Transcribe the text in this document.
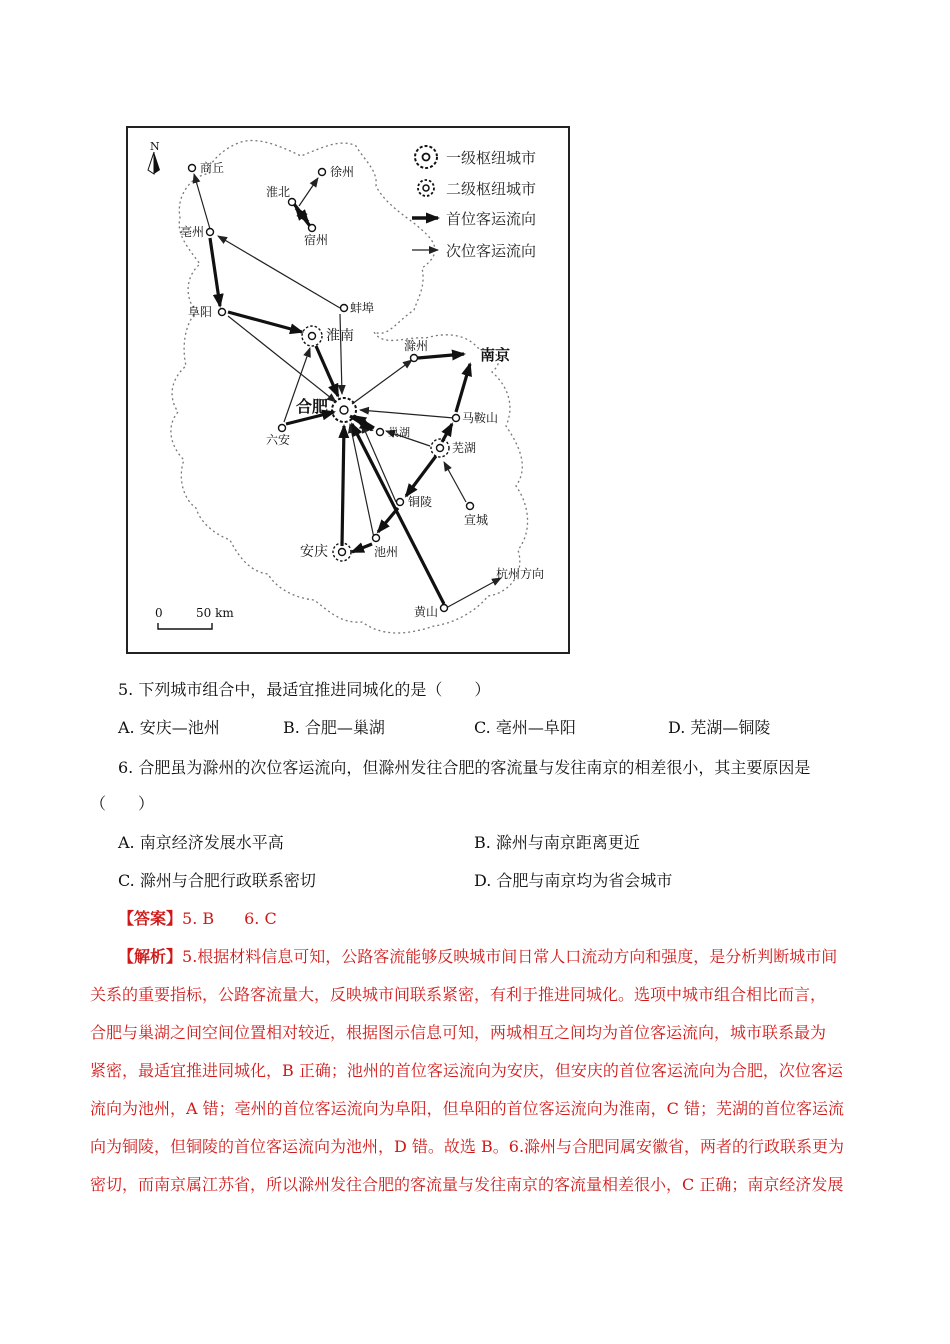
N
一级枢纽城市
二级枢纽城市
首位客运流向
次位客运流向
0	50 km
商丘	徐州
淮北
宿州
亳州
蚌埠
阜阳
淮南
滁州	南京
合肥
六安
巢湖
马鞍山
芜湖
铜陵
宣城
安庆	池州
黄山
杭州方向
5. 下列城市组合中，最适宜推进同城化的是（　　）
A. 安庆—池州	B. 合肥—巢湖	C. 亳州—阜阳	D. 芜湖—铜陵
6. 合肥虽为滁州的次位客运流向，但滁州发往合肥的客流量与发往南京的相差很小，其主要原因是
（　　）
A. 南京经济发展水平高	B. 滁州与南京距离更近
C. 滁州与合肥行政联系密切	D. 合肥与南京均为省会城市
【答案】5. B 6. C
【解析】5.根据材料信息可知，公路客流能够反映城市间日常人口流动方向和强度，是分析判断城市间
关系的重要指标，公路客流量大，反映城市间联系紧密，有利于推进同城化。选项中城市组合相比而言，
合肥与巢湖之间空间位置相对较近，根据图示信息可知，两城相互之间均为首位客运流向，城市联系最为
紧密，最适宜推进同城化，B 正确；池州的首位客运流向为安庆，但安庆的首位客运流向为合肥，次位客运
流向为池州，A 错；亳州的首位客运流向为阜阳，但阜阳的首位客运流向为淮南，C 错；芜湖的首位客运流
向为铜陵，但铜陵的首位客运流向为池州，D 错。故选 B。6.滁州与合肥同属安徽省，两者的行政联系更为
密切，而南京属江苏省，所以滁州发往合肥的客流量与发往南京的客流量相差很小，C 正确；南京经济发展
